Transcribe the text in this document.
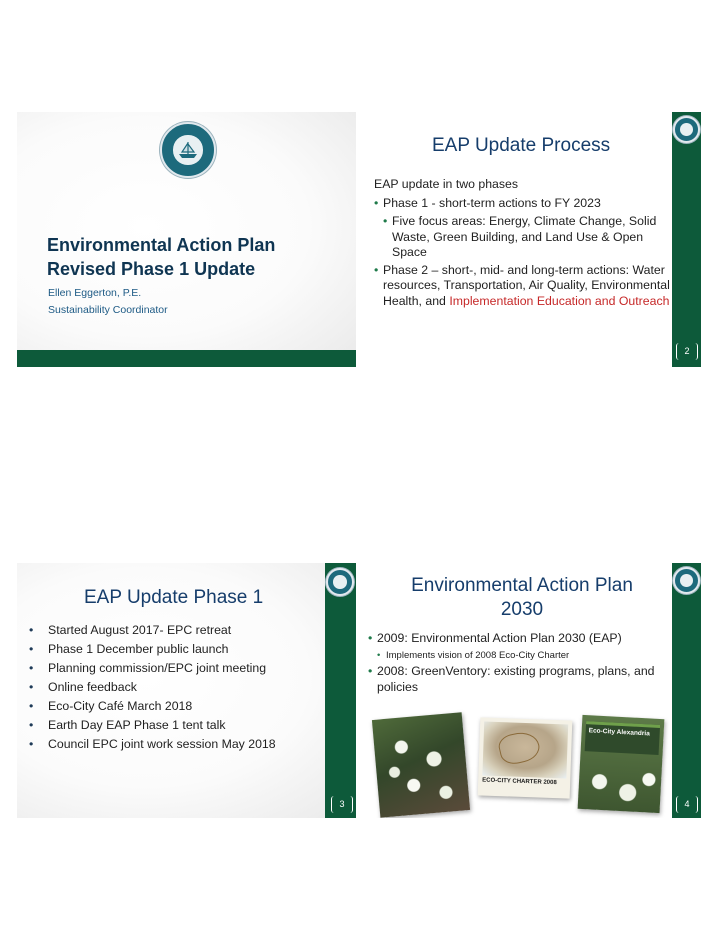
Environmental Action Plan
Revised Phase 1 Update
Ellen Eggerton, P.E.
Sustainability Coordinator
EAP Update Process
EAP update in two phases
• Phase 1 - short-term actions to FY 2023
• Five focus areas: Energy, Climate Change, Solid Waste, Green Building, and Land Use & Open Space
• Phase 2 – short-, mid- and long-term actions: Water resources, Transportation, Air Quality, Environmental Health, and Implementation Education and Outreach
2
EAP Update Phase 1
• Started August 2017- EPC retreat
• Phase 1 December public launch
• Planning commission/EPC joint meeting
• Online feedback
• Eco-City Café March 2018
• Earth Day EAP Phase 1 tent talk
• Council EPC joint work session May 2018
3
Environmental Action Plan
2030
• 2009: Environmental Action Plan 2030 (EAP)
• Implements vision of 2008 Eco-City Charter
• 2008: GreenVentory: existing programs, plans, and policies
ECO-CITY CHARTER 2008
Eco-City Alexandria
4
